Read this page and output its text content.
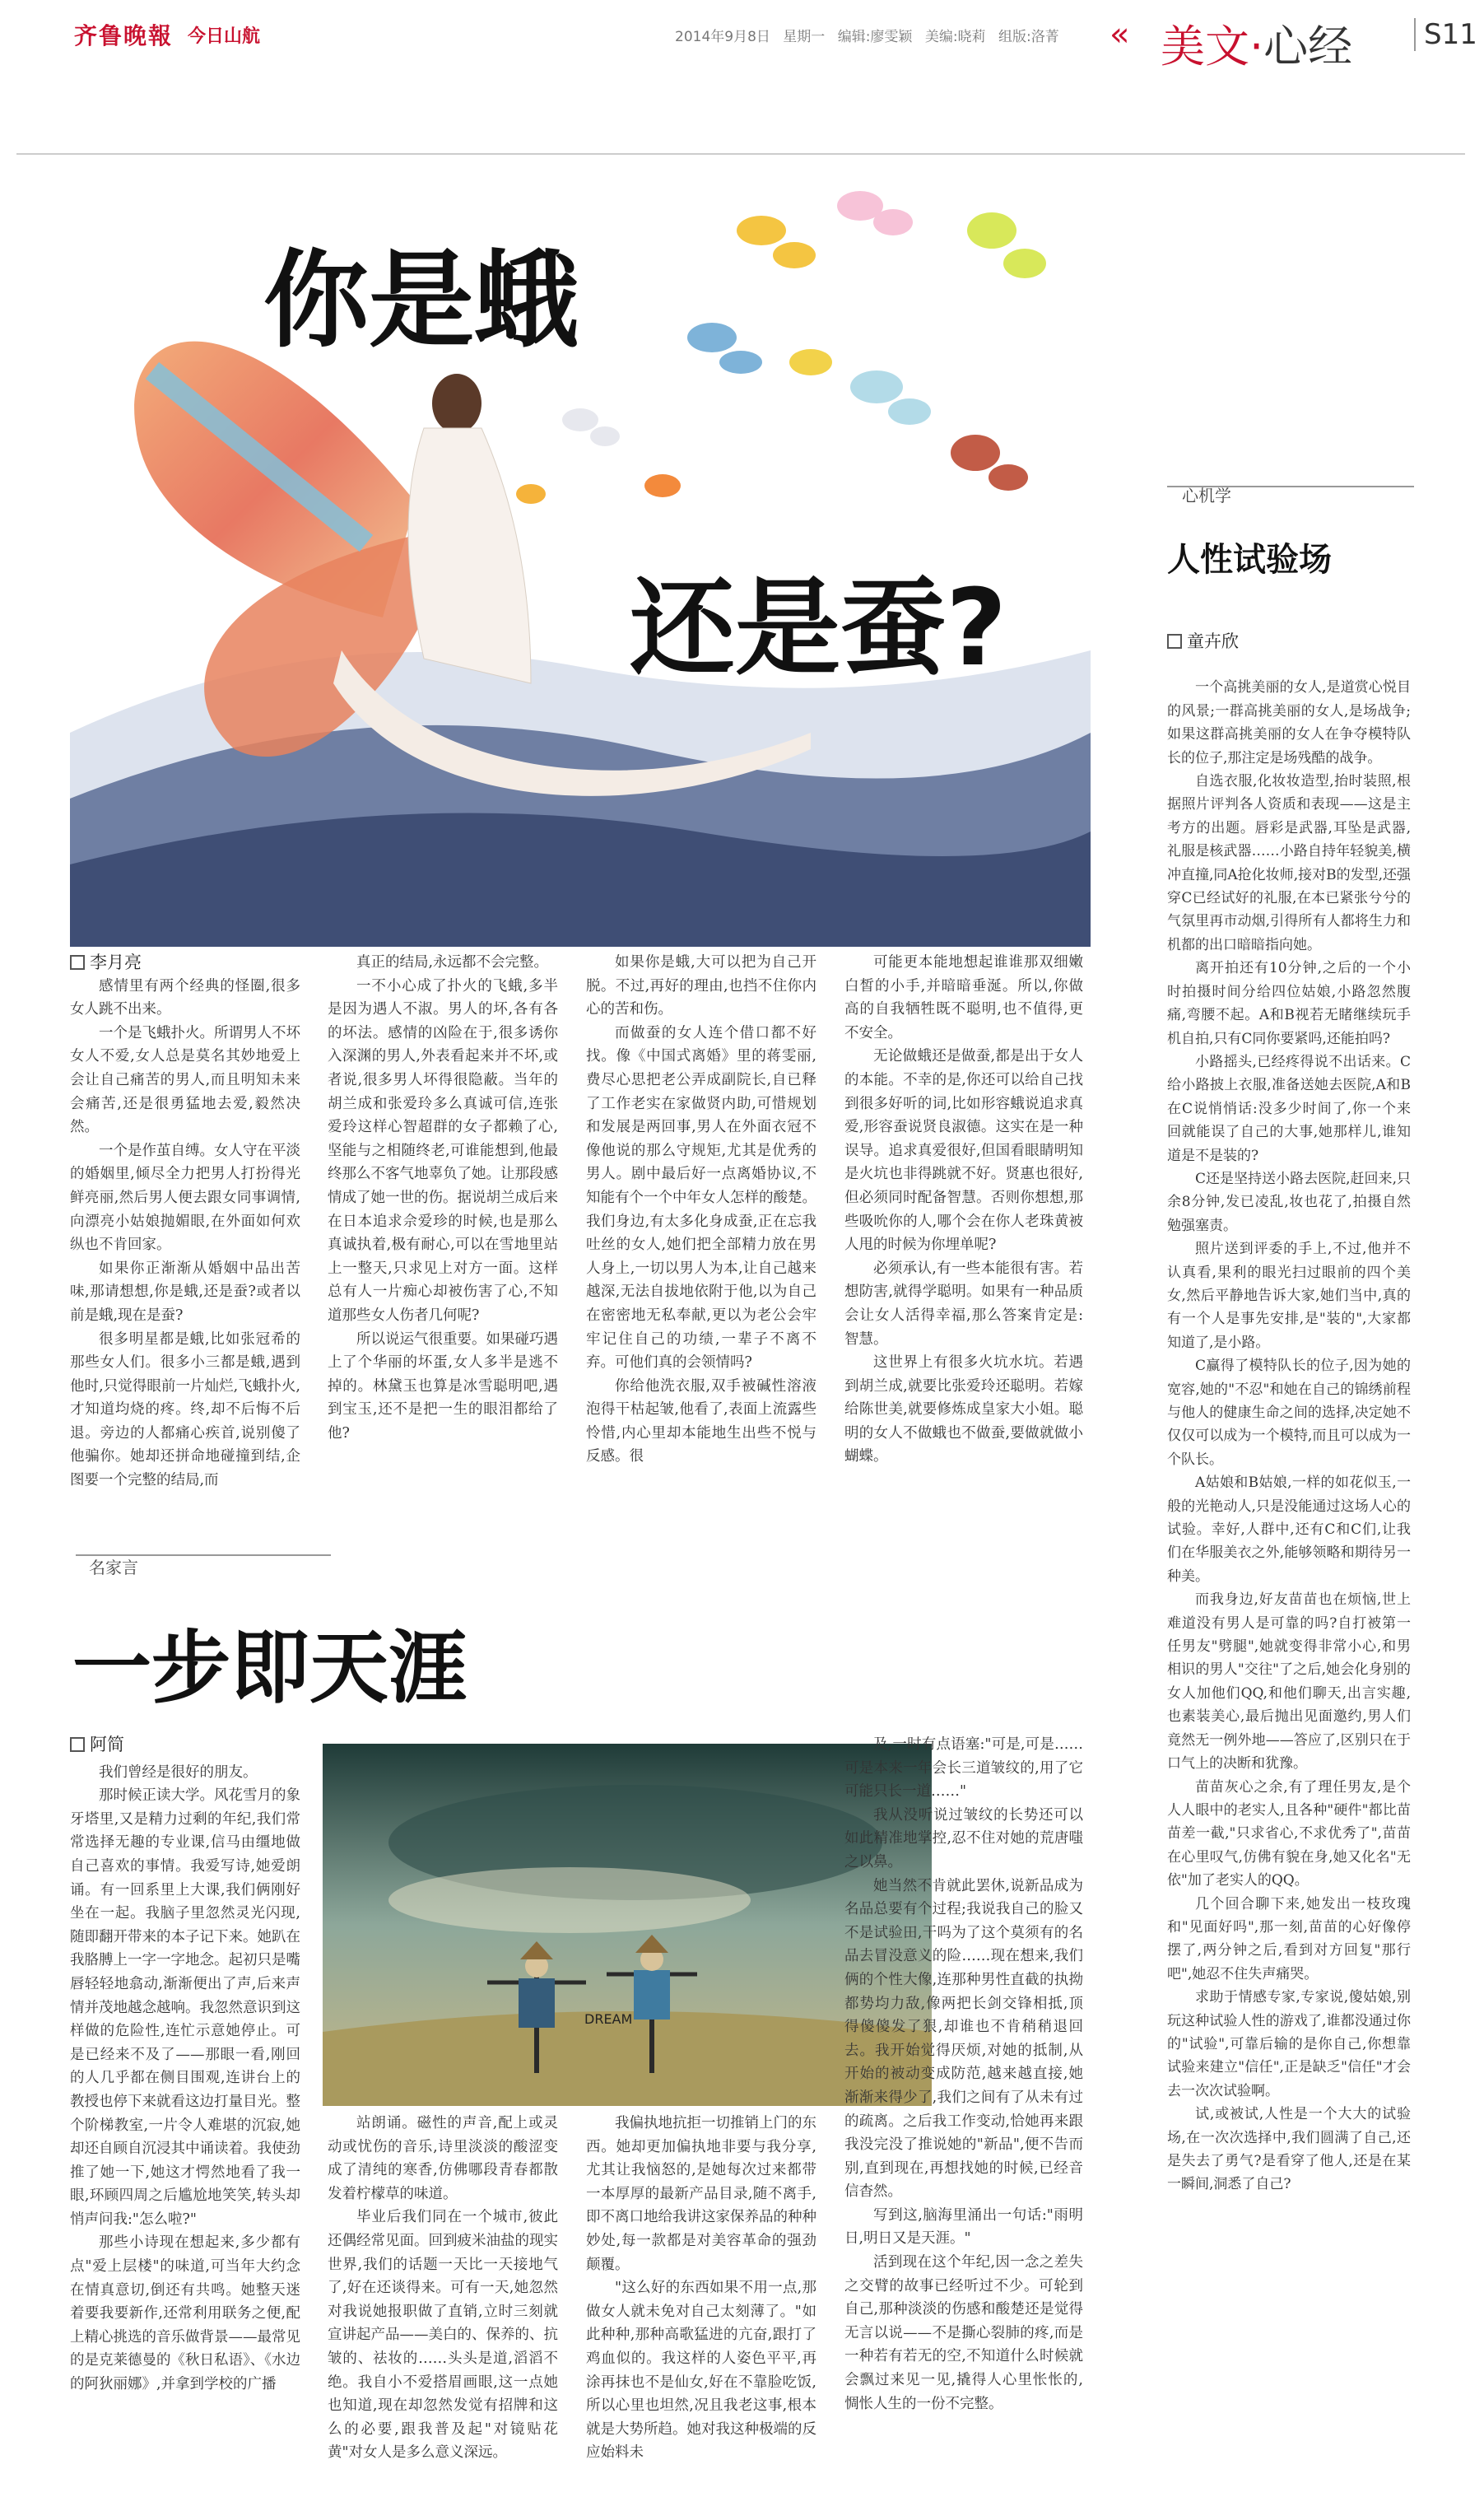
齐鲁晚報 今日山航	2014年9月8日 星期一 编辑:廖雯颖 美编:晓莉 组版:洛菁 « 美文·心经	S11
你是蛾
还是蚕?
李月亮

感情里有两个经典的怪圈,很多女人跳不出来。

一个是飞蛾扑火。所谓男人不坏女人不爱,女人总是莫名其妙地爱上会让自己痛苦的男人,而且明知未来会痛苦,还是很勇猛地去爱,毅然决然。

一个是作茧自缚。女人守在平淡的婚姻里,倾尽全力把男人打扮得光鲜亮丽,然后男人便去跟女同事调情,向漂亮小姑娘抛媚眼,在外面如何欢纵也不肯回家。

如果你正渐渐从婚姻中品出苦味,那请想想,你是蛾,还是蚕?或者以前是蛾,现在是蚕?

很多明星都是蛾,比如张冠希的那些女人们。很多小三都是蛾,遇到他时,只觉得眼前一片灿烂,飞蛾扑火,才知道均烧的疼。终,却不后悔不后退。旁边的人都痛心疾首,说别傻了他骗你。她却还拼命地碰撞到结,企图要一个完整的结局,而

真正的结局,永远都不会完整。

一不小心成了扑火的飞蛾,多半是因为遇人不淑。男人的坏,各有各的坏法。感情的凶险在于,很多诱你入深渊的男人,外表看起来并不坏,或者说,很多男人坏得很隐蔽。当年的胡兰成和张爱玲多么真诚可信,连张爱玲这样心智超群的女子都赖了心,坚能与之相随终老,可谁能想到,他最终那么不客气地辜负了她。让那段感情成了她一世的伤。据说胡兰成后来在日本追求佘爱珍的时候,也是那么真诚执着,极有耐心,可以在雪地里站上一整天,只求见上对方一面。这样总有人一片痴心却被伤害了心,不知道那些女人伤者几何呢?

所以说运气很重要。如果碰巧遇上了个华丽的坏蛋,女人多半是逃不掉的。林黛玉也算是冰雪聪明吧,遇到宝玉,还不是把一生的眼泪都给了他?

如果你是蛾,大可以把为自己开脱。不过,再好的理由,也挡不住你内心的苦和伤。

而做蚕的女人连个借口都不好找。像《中国式离婚》里的蒋雯丽,费尽心思把老公弄成副院长,自已释了工作老实在家做贤内助,可惜规划和发展是两回事,男人在外面衣冠不像他说的那么守规矩,尤其是优秀的男人。剧中最后好一点离婚协议,不知能有个一个中年女人怎样的酸楚。我们身边,有太多化身成蚕,正在忘我吐丝的女人,她们把全部精力放在男人身上,一切以男人为本,让自己越来越深,无法自拔地依附于他,以为自己在密密地无私奉献,更以为老公会牢牢记住自己的功绩,一辈子不离不弃。可他们真的会领情吗?

你给他洗衣服,双手被碱性溶液泡得干枯起皱,他看了,表面上流露些怜惜,内心里却本能地生出些不悦与反感。很

可能更本能地想起谁谁那双细嫩白皙的小手,并暗暗垂涎。所以,你做高的自我牺牲既不聪明,也不值得,更不安全。

无论做蛾还是做蚕,都是出于女人的本能。不幸的是,你还可以给自己找到很多好听的词,比如形容蛾说追求真爱,形容蚕说贤良淑德。这实在是一种误导。追求真爱很好,但国看眼睛明知是火坑也非得跳就不好。贤惠也很好,但必须同时配备智慧。否则你想想,那些吸吮你的人,哪个会在你人老珠黄被人甩的时候为你埋单呢?

必须承认,有一些本能很有害。若想防害,就得学聪明。如果有一种品质会让女人活得幸福,那么答案肯定是:智慧。

这世界上有很多火坑水坑。若遇到胡兰成,就要比张爱玲还聪明。若嫁给陈世美,就要修炼成皇家大小姐。聪明的女人不做蛾也不做蚕,要做就做小蝴蝶。

名家言
一步即天涯
DREAM
阿简

我们曾经是很好的朋友。

那时候正读大学。风花雪月的象牙塔里,又是精力过剩的年纪,我们常常选择无趣的专业课,信马由缰地做自己喜欢的事情。我爱写诗,她爱朗诵。有一回系里上大课,我们俩刚好坐在一起。我脑子里忽然灵光闪现,随即翻开带来的本子记下来。她趴在我胳膊上一字一字地念。起初只是嘴唇轻轻地翕动,渐渐便出了声,后来声情并茂地越念越响。我忽然意识到这样做的危险性,连忙示意她停止。可是已经来不及了——那眼一看,刚回的人几乎都在侧目围观,连讲台上的教授也停下来就看这边打量目光。整个阶梯教室,一片令人难堪的沉寂,她却还自顾自沉浸其中诵读着。我使劲推了她一下,她这才愕然地看了我一眼,环顾四周之后尴尬地笑笑,转头却悄声问我:"怎么啦?"

那些小诗现在想起来,多少都有点"爱上层楼"的味道,可当年大约念在情真意切,倒还有共鸣。她整天迷着要我要新作,还常利用联务之便,配上精心挑选的音乐做背景——最常见的是克莱德曼的《秋日私语》、《水边的阿狄丽娜》,并拿到学校的广播

站朗诵。磁性的声音,配上或灵动或忧伤的音乐,诗里淡淡的酸涩变成了清纯的寒香,仿佛哪段青春都散发着柠檬草的味道。

毕业后我们同在一个城市,彼此还偶经常见面。回到疲米油盐的现实世界,我们的话题一天比一天接地气了,好在还谈得来。可有一天,她忽然对我说她报职做了直销,立时三刻就宣讲起产品——美白的、保养的、抗皱的、祛妆的……头头是道,滔滔不绝。我自小不爱搭眉画眼,这一点她也知道,现在却忽然发觉有招牌和这么的必要,跟我普及起"对镜贴花黄"对女人是多么意义深远。

我偏执地抗拒一切推销上门的东西。她却更加偏执地非要与我分享,尤其让我恼怒的,是她每次过来都带一本厚厚的最新产品目录,随不离手,即不离口地给我讲这家保养品的种种妙处,每一款都是对美容革命的强劲颠覆。

"这么好的东西如果不用一点,那做女人就未免对自己太刻薄了。"如此种种,那种高歌猛进的亢奋,跟打了鸡血似的。我这样的人姿色平平,再涂再抹也不是仙女,好在不靠脸吃饭,所以心里也坦然,况且我老这事,根本就是大势所趋。她对我这种极端的反应始料未

及,一时有点语塞:"可是,可是……可是本来一年会长三道皱纹的,用了它可能只长一道……"

我从没听说过皱纹的长势还可以如此精准地掌控,忍不住对她的荒唐嗤之以鼻。

她当然不肯就此罢休,说新品成为名品总要有个过程;我说我自己的脸又不是试验田,干吗为了这个莫须有的名品去冒没意义的险……现在想来,我们俩的个性大像,连那种男性直截的执拗都势均力敌,像两把长剑交锋相抵,顶得傻傻发了狠,却谁也不肯稍稍退回去。我开始觉得厌烦,对她的抵制,从开始的被动变成防范,越来越直接,她渐渐来得少了,我们之间有了从未有过的疏离。之后我工作变动,恰她再来跟我没完没了推说她的"新品",便不告而别,直到现在,再想找她的时候,已经音信杳然。

写到这,脑海里涌出一句话:"雨明日,明日又是天涯。"

活到现在这个年纪,因一念之差失之交臂的故事已经听过不少。可轮到自己,那种淡淡的伤感和酸楚还是觉得无言以说——不是撕心裂肺的疼,而是一种若有若无的空,不知道什么时候就会飘过来见一见,撬得人心里怅怅的,惆怅人生的一份不完整。

心机学
人性试验场
童卉欣

一个高挑美丽的女人,是道赏心悦目的风景;一群高挑美丽的女人,是场战争;如果这群高挑美丽的女人在争夺模特队长的位子,那注定是场残酷的战争。

自选衣服,化妆妆造型,抬时装照,根据照片评判各人资质和表现——这是主考方的出题。唇彩是武器,耳坠是武器,礼服是核武器……小路自持年轻貌美,横冲直撞,同A抢化妆师,接对B的发型,还强穿C已经试好的礼服,在本已紧张兮兮的气氛里再市动烟,引得所有人都将生力和机都的出口暗暗指向她。

离开拍还有10分钟,之后的一个小时拍摄时间分给四位姑娘,小路忽然腹痛,弯腰不起。A和B视若无睹继续玩手机自拍,只有C同你要紧吗,还能拍吗?

小路摇头,已经疼得说不出话来。C给小路披上衣服,准备送她去医院,A和B在C说悄悄话:没多少时间了,你一个来回就能误了自己的大事,她那样儿,谁知道是不是装的?

C还是坚持送小路去医院,赶回来,只余8分钟,发已凌乱,妆也花了,拍摄自然勉强塞责。

照片送到评委的手上,不过,他并不认真看,果利的眼光扫过眼前的四个美女,然后平静地告诉大家,她们当中,真的有一个人是事先安排,是"装的",大家都知道了,是小路。

C赢得了模特队长的位子,因为她的宽容,她的"不忍"和她在自己的锦绣前程与他人的健康生命之间的选择,决定她不仅仅可以成为一个模特,而且可以成为一个队长。

A姑娘和B姑娘,一样的如花似玉,一般的光艳动人,只是没能通过这场人心的试验。幸好,人群中,还有C和C们,让我们在华服美衣之外,能够领略和期待另一种美。

而我身边,好友苗苗也在烦恼,世上难道没有男人是可靠的吗?自打被第一任男友"劈腿",她就变得非常小心,和男相识的男人"交往"了之后,她会化身别的女人加他们QQ,和他们聊天,出言实趣,也素装美心,最后抛出见面邀约,男人们竟然无一例外地——答应了,区别只在于口气上的决断和犹豫。

苗苗灰心之余,有了理任男友,是个人人眼中的老实人,且各种"硬件"都比苗苗差一截,"只求省心,不求优秀了",苗苗在心里叹气,仿佛有貌在身,她又化名"无依"加了老实人的QQ。

几个回合聊下来,她发出一枝玫瑰和"见面好吗",那一刻,苗苗的心好像停摆了,两分钟之后,看到对方回复"那行吧",她忍不住失声痛哭。

求助于情感专家,专家说,傻姑娘,别玩这种试验人性的游戏了,谁都没通过你的"试验",可靠后输的是你自己,你想靠试验来建立"信任",正是缺乏"信任"才会去一次次试验啊。

试,或被试,人性是一个大大的试验场,在一次次选择中,我们圆满了自己,还是失去了勇气?是看穿了他人,还是在某一瞬间,洞悉了自己?
